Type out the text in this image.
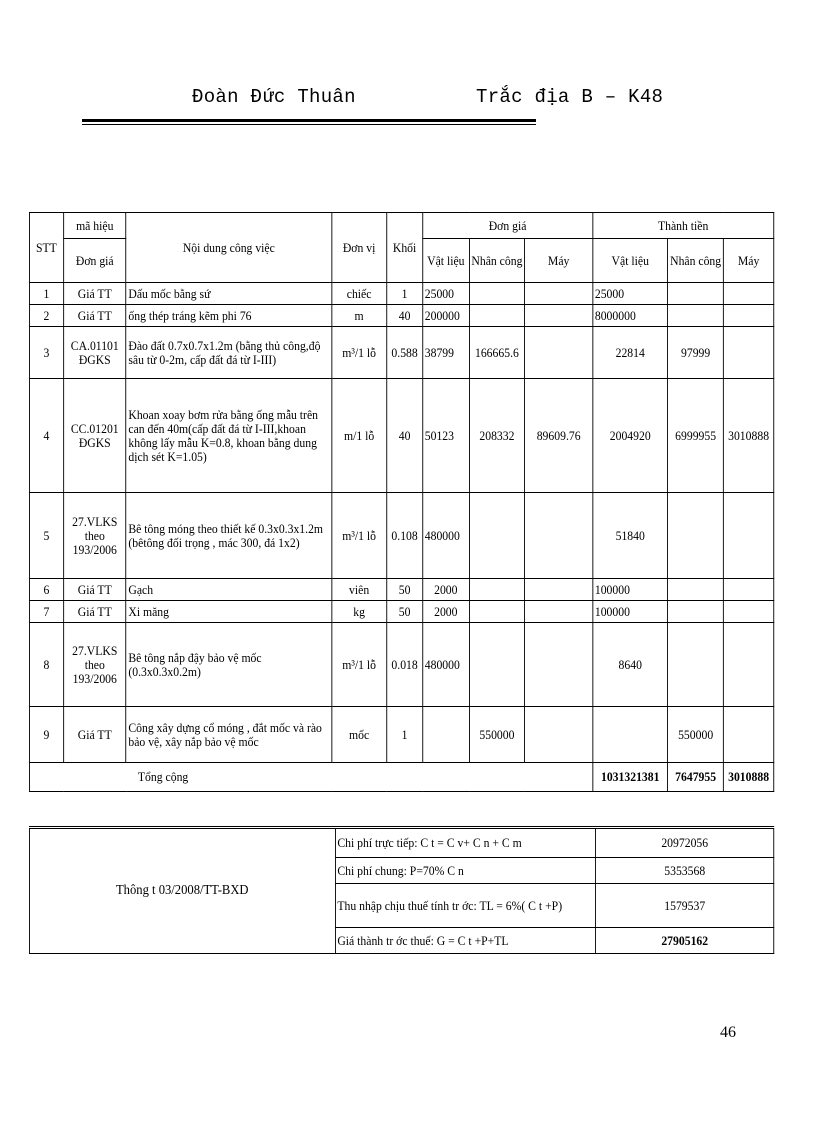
Đoàn Đức Thuân	Trắc địa B – K48
STT	mã hiệu	Nội dung công việc	Đơn vị	Khối	Đơn giá			Thành tiền		
	Đơn giá				Vật liệu	Nhân công	Máy	Vật liệu	Nhân công	Máy
1	Giá TT	Dấu mốc bằng sứ	chiếc	1	25000			25000		
2	Giá TT	ống thép tráng kẽm phi 76	m	40	200000			8000000		
3	CA.01101 ĐGKS	Đào đất 0.7x0.7x1.2m (bằng thủ công,độ sâu từ 0-2m, cấp đất đá từ I-III)	m³/1 lỗ	0.588	38799	166665.6		22814	97999	
4	CC.01201 ĐGKS	Khoan xoay bơm rửa bằng ống mẫu trên can đến 40m(cấp đất đá từ I-III,khoan không lấy mẫu K=0.8, khoan bằng dung dịch sét K=1.05)	m/1 lỗ	40	50123	208332	89609.76	2004920	6999955	3010888
5	27.VLKS theo 193/2006	Bê tông móng theo thiết kế 0.3x0.3x1.2m (bêtông đối trọng , mác 300, đá 1x2)	m³/1 lỗ	0.108	480000			51840		
6	Giá TT	Gạch	viên	50	2000			100000		
7	Giá TT	Xi măng	kg	50	2000			100000		
8	27.VLKS theo 193/2006	Bê tông nắp đậy bảo vệ mốc (0.3x0.3x0.2m)	m³/1 lỗ	0.018	480000			8640		
9	Giá TT	Công xây dựng cổ móng , đắt mốc và rào bảo vệ, xây nắp bảo vệ mốc	mốc	1		550000			550000	
Tổng cộng								1031321381	7647955	3010888
Thông t 03/2008/TT-BXD	Chi phí trực tiếp: C t = C v+ C n + C m	20972056
	Chi phí chung: P=70% C n	5353568
	Thu nhập chịu thuế tính tr ớc: TL = 6%( C t +P)	1579537
	Giá thành tr ớc thuế: G = C t +P+TL	27905162
46
